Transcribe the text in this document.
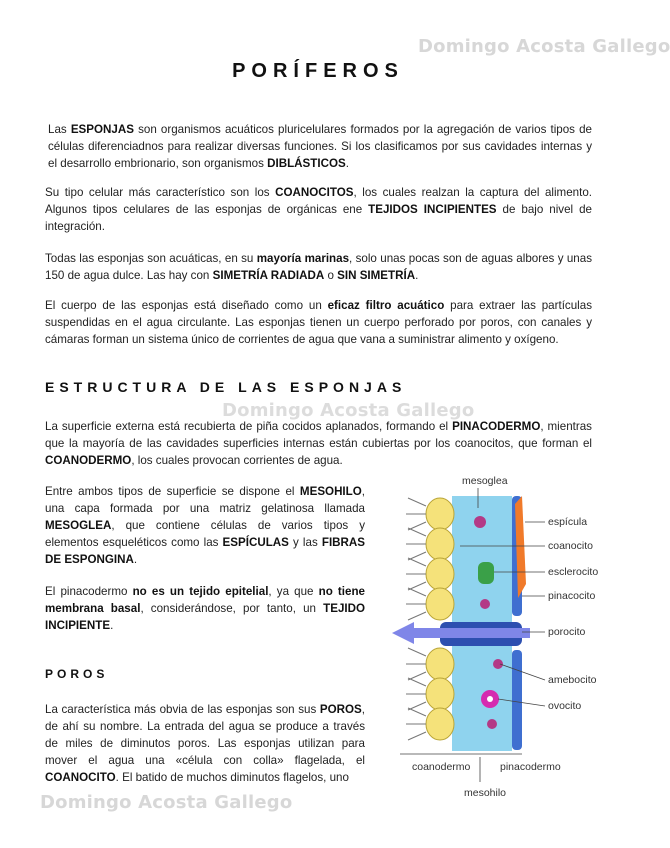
Domingo Acosta Gallego
Domingo Acosta Gallego
Domingo Acosta Gallego
PORÍFEROS
Las ESPONJAS son organismos acuáticos pluricelulares formados por la agregación de varios tipos de células diferenciadnos para realizar diversas funciones. Si los clasificamos por sus cavidades internas y el desarrollo embrionario, son organismos DIBLÁSTICOS.
Su tipo celular más característico son los COANOCITOS, los cuales realzan la captura del alimento. Algunos tipos celulares de las esponjas de orgánicas ene TEJIDOS INCIPIENTES de bajo nivel de integración.
Todas las esponjas son acuáticas, en su mayoría marinas, solo unas pocas son de aguas albores y unas 150 de agua dulce. Las hay con SIMETRÍA RADIADA o SIN SIMETRÍA.
El cuerpo de las esponjas está diseñado como un eficaz filtro acuático para extraer las partículas suspendidas en el agua circulante. Las esponjas tienen un cuerpo perforado por poros, con canales y cámaras forman un sistema único de corrientes de agua que vana a suministrar alimento y oxígeno.
ESTRUCTURA DE LAS ESPONJAS
La superficie externa está recubierta de piña cocidos aplanados, formando el PINACODERMO, mientras que la mayoría de las cavidades superficies internas están cubiertas por los coanocitos, que forman el COANODERMO, los cuales provocan corrientes de agua.
Entre ambos tipos de superficie se dispone el MESOHILO, una capa formada por una matriz gelatinosa llamada MESOGLEA, que contiene células de varios tipos y elementos esqueléticos como las ESPÍCULAS y las FIBRAS DE ESPONGINA.
El pinacodermo no es un tejido epitelial, ya que no tiene membrana basal, considerándose, por tanto, un TEJIDO INCIPIENTE.
POROS
La característica más obvia de las esponjas son sus POROS, de ahí su nombre. La entrada del agua se produce a través de miles de diminutos poros. Las esponjas utilizan para mover el agua una «célula con colla» flagelada, el COANOCITO. El batido de muchos diminutos flagelos, uno
mesoglea
espícula
coanocito
esclerocito
pinacocito
porocito
amebocito
ovocito
coanodermo	pinacodermo
mesohilo
